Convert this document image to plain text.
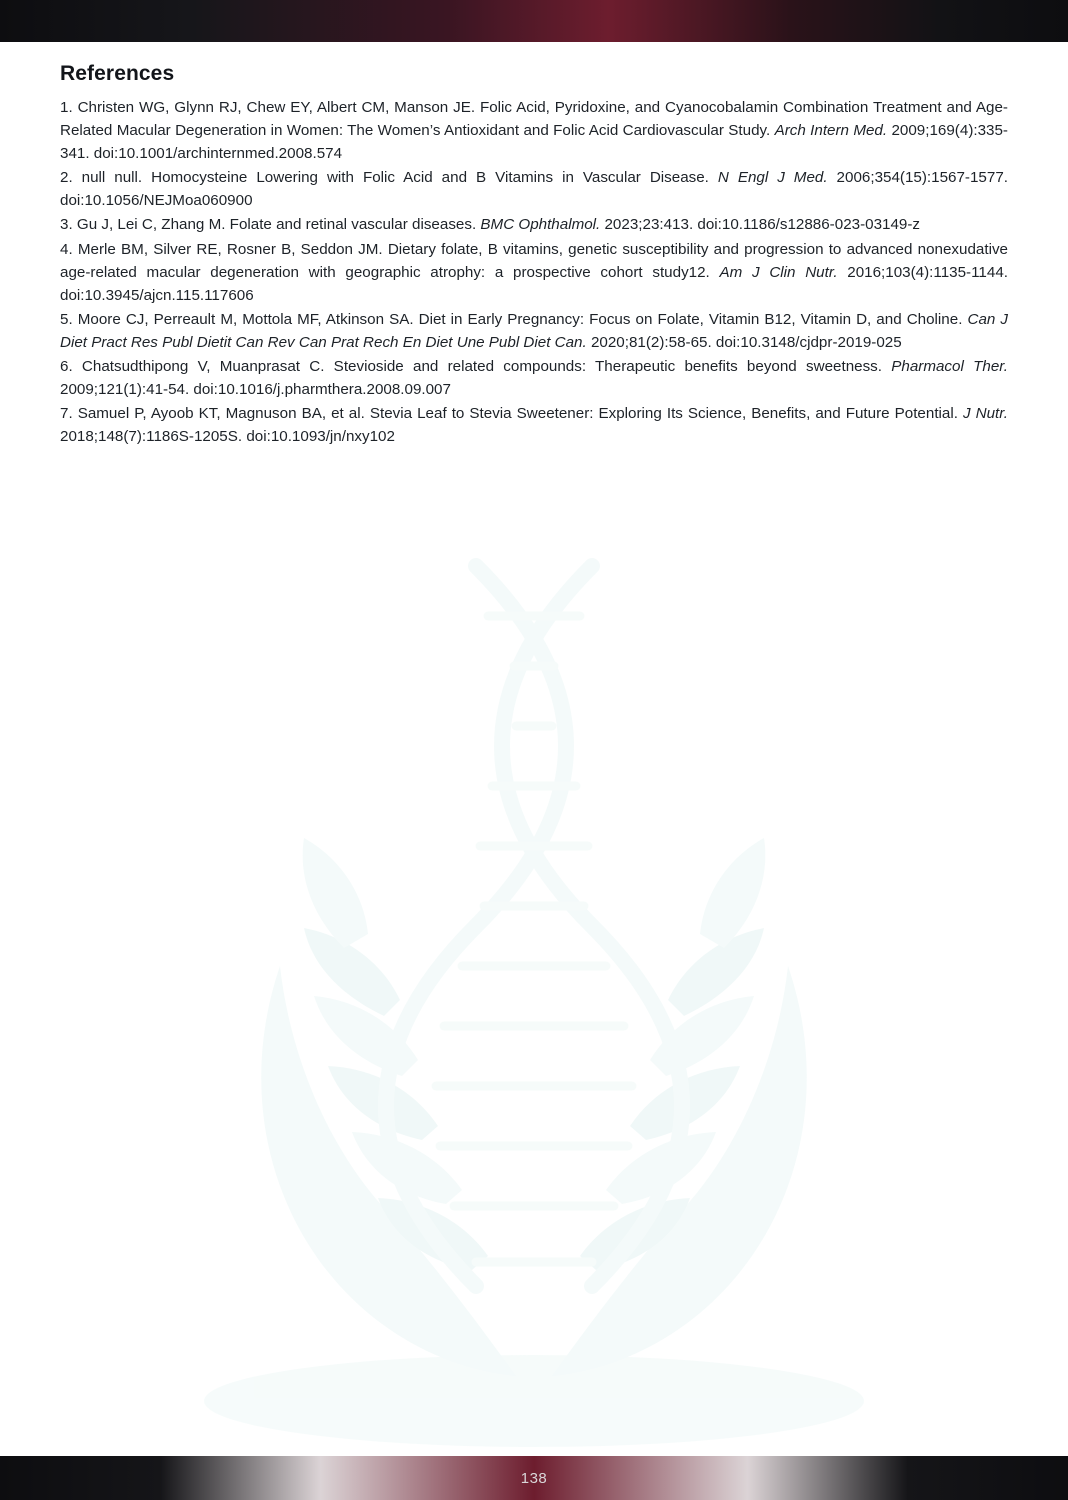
References

1. Christen WG, Glynn RJ, Chew EY, Albert CM, Manson JE. Folic Acid, Pyridoxine, and Cyanocobalamin Combination Treatment and Age-Related Macular Degeneration in Women: The Women’s Antioxidant and Folic Acid Cardiovascular Study. Arch Intern Med. 2009;169(4):335-341. doi:10.1001/archinternmed.2008.574

2. null null. Homocysteine Lowering with Folic Acid and B Vitamins in Vascular Disease. N Engl J Med. 2006;354(15):1567-1577. doi:10.1056/NEJMoa060900

3. Gu J, Lei C, Zhang M. Folate and retinal vascular diseases. BMC Ophthalmol. 2023;23:413. doi:10.1186/s12886-023-03149-z

4. Merle BM, Silver RE, Rosner B, Seddon JM. Dietary folate, B vitamins, genetic susceptibility and progression to advanced nonexudative age-related macular degeneration with geographic atrophy: a prospective cohort study12. Am J Clin Nutr. 2016;103(4):1135-1144. doi:10.3945/ajcn.115.117606

5. Moore CJ, Perreault M, Mottola MF, Atkinson SA. Diet in Early Pregnancy: Focus on Folate, Vitamin B12, Vitamin D, and Choline. Can J Diet Pract Res Publ Dietit Can Rev Can Prat Rech En Diet Une Publ Diet Can. 2020;81(2):58-65. doi:10.3148/cjdpr-2019-025

6. Chatsudthipong V, Muanprasat C. Stevioside and related compounds: Therapeutic benefits beyond sweetness. Pharmacol Ther. 2009;121(1):41-54. doi:10.1016/j.pharmthera.2008.09.007

7. Samuel P, Ayoob KT, Magnuson BA, et al. Stevia Leaf to Stevia Sweetener: Exploring Its Science, Benefits, and Future Potential. J Nutr. 2018;148(7):1186S-1205S. doi:10.1093/jn/nxy102

138
